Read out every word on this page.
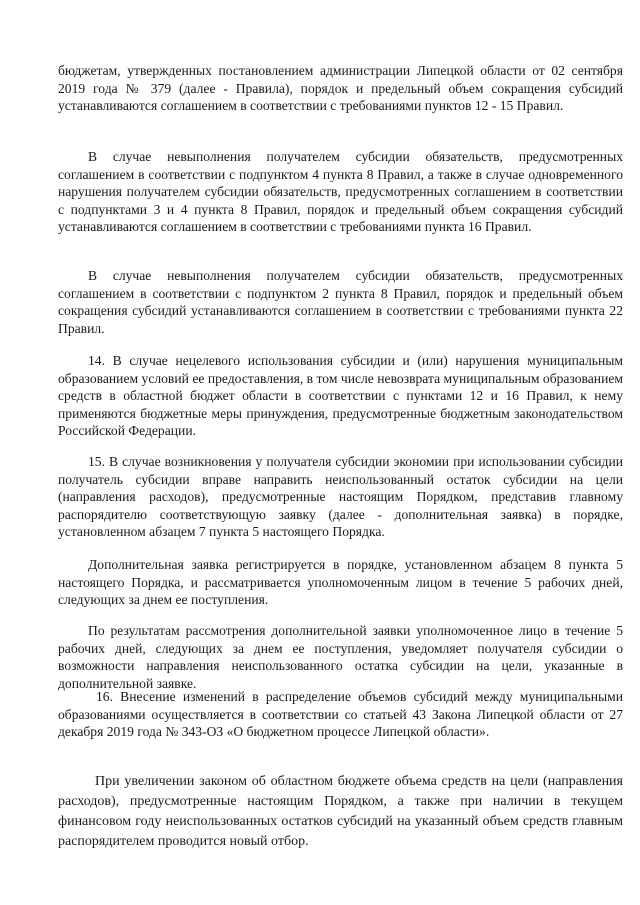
бюджетам, утвержденных постановлением администрации Липецкой области от 02 сентября 2019 года № 379 (далее - Правила), порядок и предельный объем сокращения субсидий устанавливаются соглашением в соответствии с требованиями пунктов 12 - 15 Правил.

В случае невыполнения получателем субсидии обязательств, предусмотренных соглашением в соответствии с подпунктом 4 пункта 8 Правил, а также в случае одновременного нарушения получателем субсидии обязательств, предусмотренных соглашением в соответствии с подпунктами 3 и 4 пункта 8 Правил, порядок и предельный объем сокращения субсидий устанавливаются соглашением в соответствии с требованиями пункта 16 Правил.

В случае невыполнения получателем субсидии обязательств, предусмотренных соглашением в соответствии с подпунктом 2 пункта 8 Правил, порядок и предельный объем сокращения субсидий устанавливаются соглашением в соответствии с требованиями пункта 22 Правил.

14. В случае нецелевого использования субсидии и (или) нарушения муниципальным образованием условий ее предоставления, в том числе невозврата муниципальным образованием средств в областной бюджет области в соответствии с пунктами 12 и 16 Правил, к нему применяются бюджетные меры принуждения, предусмотренные бюджетным законодательством Российской Федерации.

15. В случае возникновения у получателя субсидии экономии при использовании субсидии получатель субсидии вправе направить неиспользованный остаток субсидии на цели (направления расходов), предусмотренные настоящим Порядком, представив главному распорядителю соответствующую заявку (далее - дополнительная заявка) в порядке, установленном абзацем 7 пункта 5 настоящего Порядка.

Дополнительная заявка регистрируется в порядке, установленном абзацем 8 пункта 5 настоящего Порядка, и рассматривается уполномоченным лицом в течение 5 рабочих дней, следующих за днем ее поступления.

По результатам рассмотрения дополнительной заявки уполномоченное лицо в течение 5 рабочих дней, следующих за днем ее поступления, уведомляет получателя субсидии о возможности направления неиспользованного остатка субсидии на цели, указанные в дополнительной заявке.

16. Внесение изменений в распределение объемов субсидий между муниципальными образованиями осуществляется в соответствии со статьей 43 Закона Липецкой области от 27 декабря 2019 года № 343-ОЗ «О бюджетном процессе Липецкой области».

При увеличении законом об областном бюджете объема средств на цели (направления расходов), предусмотренные настоящим Порядком, а также при наличии в текущем финансовом году неиспользованных остатков субсидий на указанный объем средств главным распорядителем проводится новый отбор.
